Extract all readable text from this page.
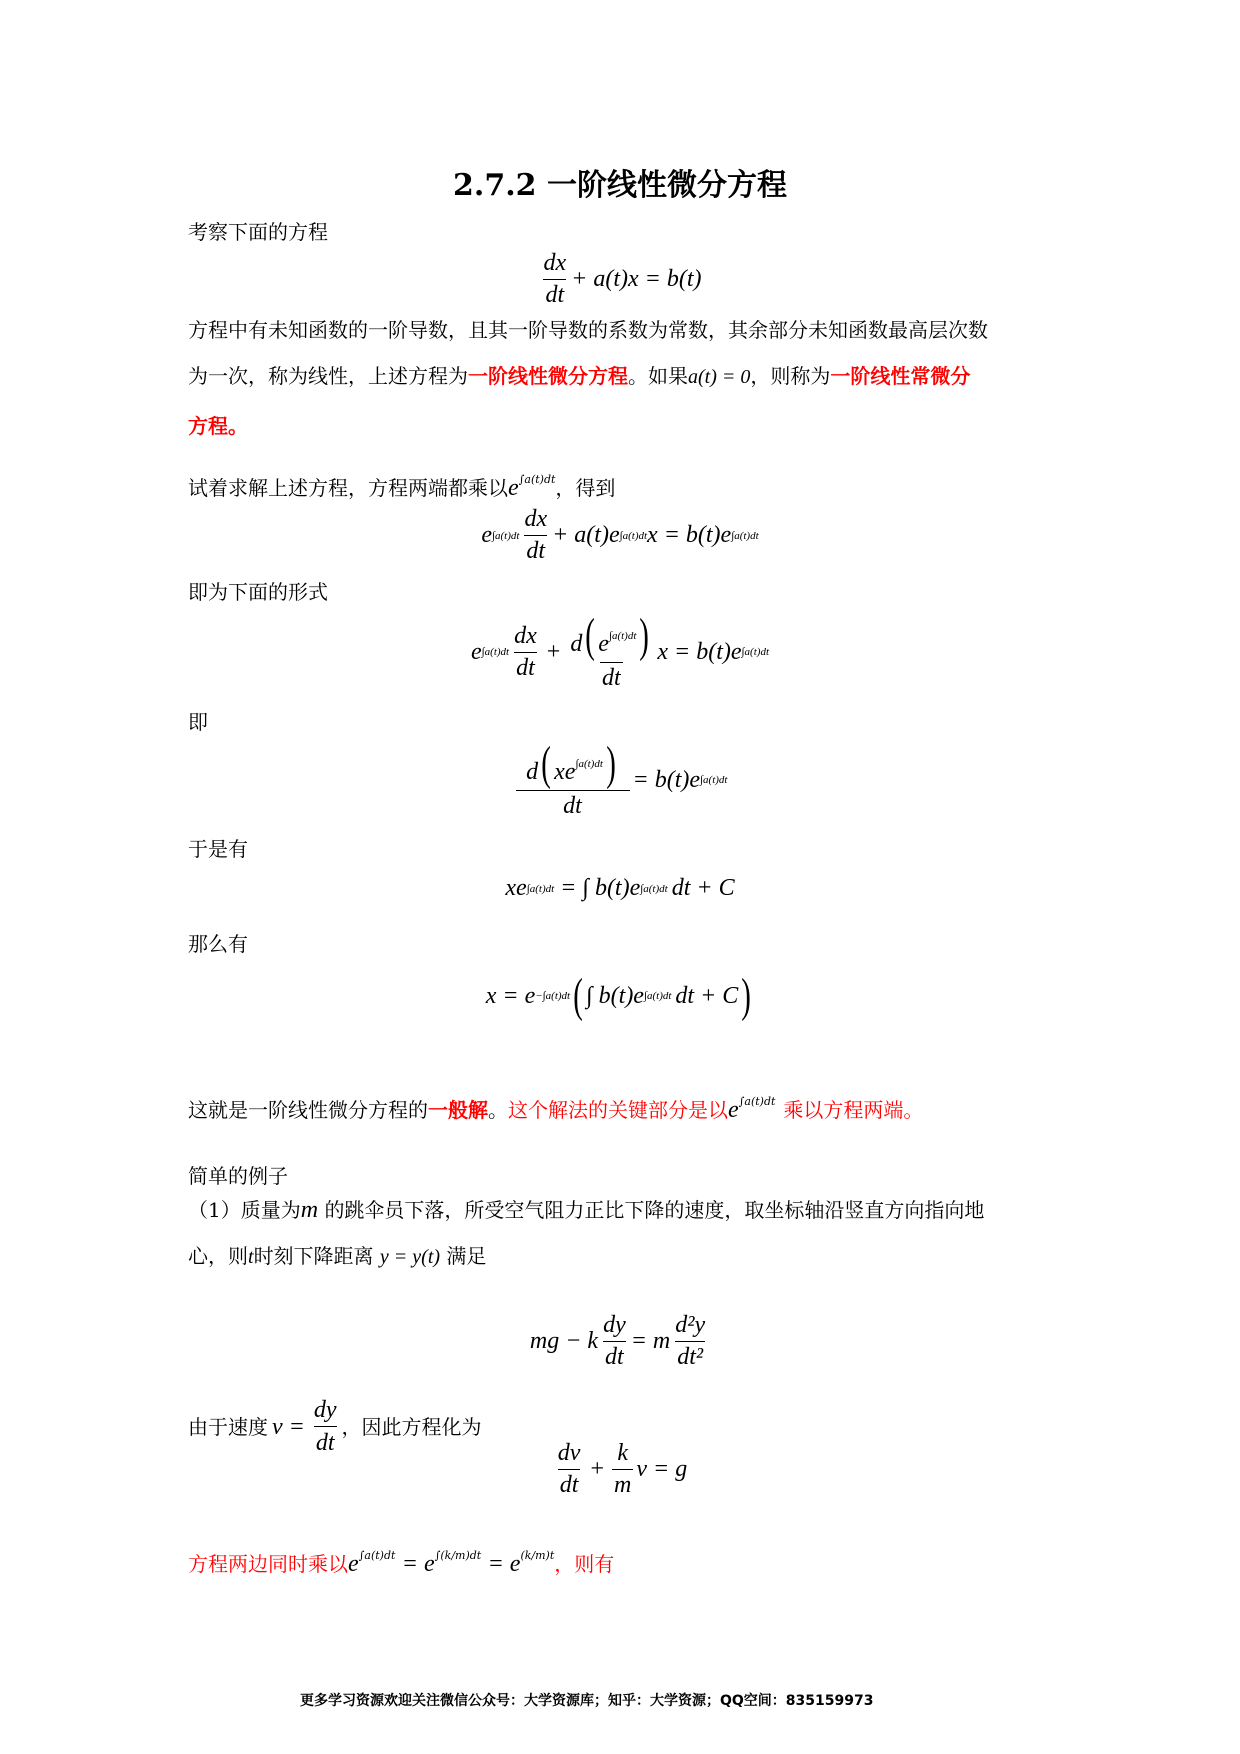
2.7.2 一阶线性微分方程
考察下面的方程
$\frac{dx}{dt} + a(t)x = b(t)$
方程中有未知函数的一阶导数，且其一阶导数的系数为常数，其余部分未知函数最高层次数
为一次，称为线性，上述方程为一阶线性微分方程。如果a(t) = 0，则称为一阶线性常微分
方程。
试着求解上述方程，方程两端都乘以$e^{\int a(t)dt}$，得到
e $\int a(t)dt \frac{dx}{dt} + a(t)e$ ∫a(t)dt x = b(t)e ∫a(t)dt
即为下面的形式
e $\int a(t)dt \frac{dx}{dt} + \frac{d( e^{\int a(t)dt})}{dt}$ x = b(t)e ∫a(t)dt
即
$\frac{d( xe^{\int a(t)dt})}{dt} = b(t)e$ ∫a(t)dt
于是有
xe ∫a(t)dt = ∫ b(t)e ∫a(t)dt dt + C
那么有
x = e −∫a(t)dt ( ∫ b(t)e ∫a(t)dt dt + C )
这就是一阶线性微分方程的一般解。这个解法的关键部分是以$e^{\int a(t)dt}$ 乘以方程两端。
简单的例子
（1）质量为m 的跳伞员下落，所受空气阻力正比下降的速度，取坐标轴沿竖直方向指向地
心，则t时刻下降距离 y = y(t) 满足
mg − k $\frac{dy}{dt} = m \frac{\text{d²y}}{\text{dt²}}$
由于速度 $v = \frac{dy}{dt}$ ，因此方程化为
$\frac{dv}{dt} + \frac{k}{m}$ v = g
方程两边同时乘以$e^{\int a(t)dt} = e^{\int(k/m)dt} = e^{(k/m)t}$，则有
更多学习资源欢迎关注微信公众号：大学资源库；知乎：大学资源；QQ空间：835159973
